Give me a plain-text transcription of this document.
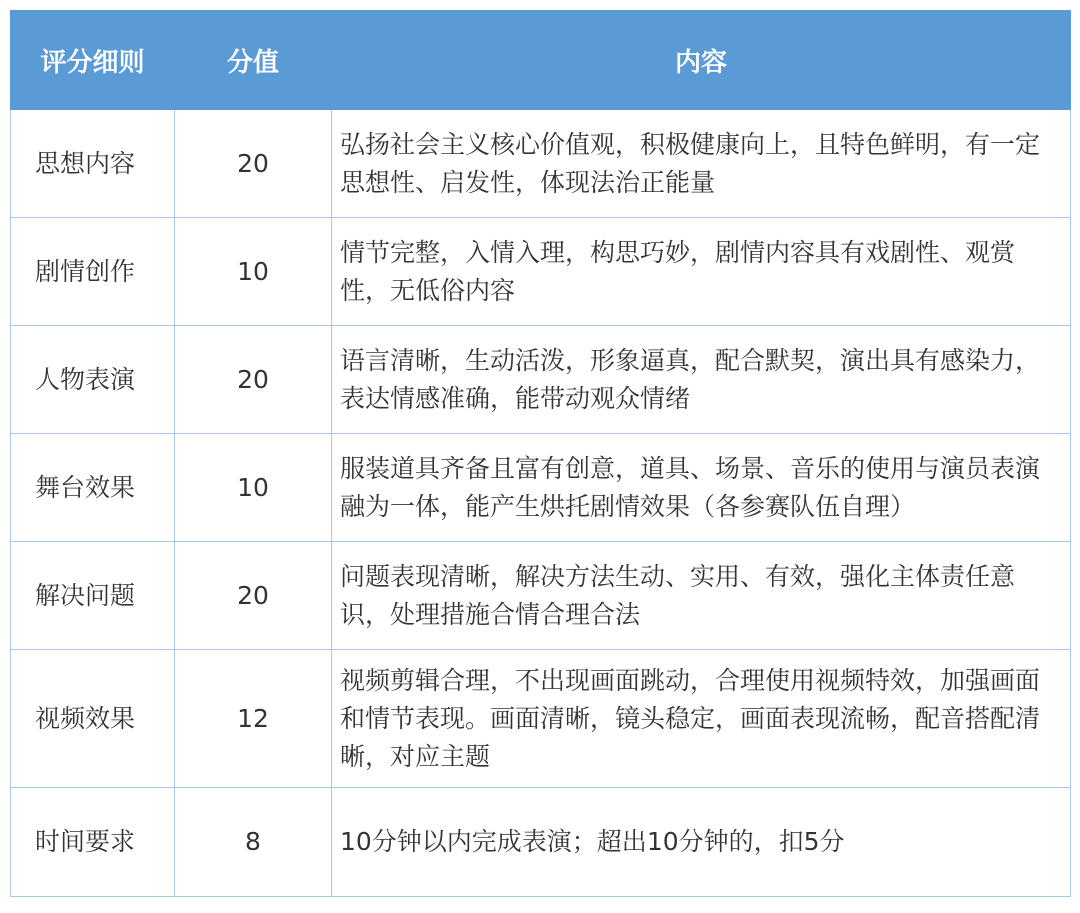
评分细则	分值	内容
思想内容	20	弘扬社会主义核心价值观，积极健康向上，且特色鲜明，有一定思想性、启发性，体现法治正能量
剧情创作	10	情节完整，入情入理，构思巧妙，剧情内容具有戏剧性、观赏性，无低俗内容
人物表演	20	语言清晰，生动活泼，形象逼真，配合默契，演出具有感染力，表达情感准确，能带动观众情绪
舞台效果	10	服装道具齐备且富有创意，道具、场景、音乐的使用与演员表演融为一体，能产生烘托剧情效果（各参赛队伍自理）
解决问题	20	问题表现清晰，解决方法生动、实用、有效，强化主体责任意识，处理措施合情合理合法
视频效果	12	视频剪辑合理，不出现画面跳动，合理使用视频特效，加强画面和情节表现。画面清晰，镜头稳定，画面表现流畅，配音搭配清晰，对应主题
时间要求	8	10分钟以内完成表演；超出10分钟的，扣5分
